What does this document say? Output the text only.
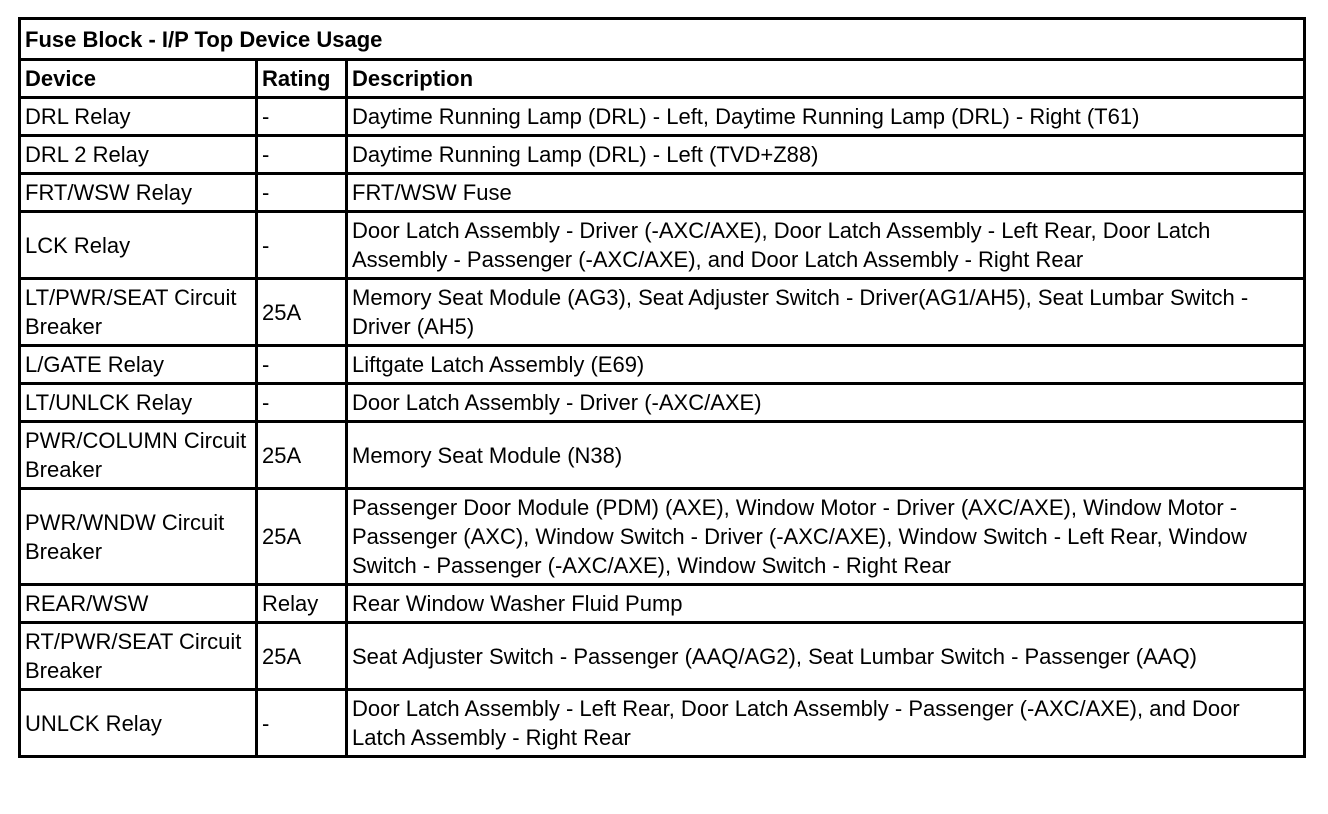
Fuse Block - I/P Top Device Usage		
Device	Rating	Description
DRL Relay	-	Daytime Running Lamp (DRL) - Left, Daytime Running Lamp (DRL) - Right (T61)
DRL 2 Relay	-	Daytime Running Lamp (DRL) - Left (TVD+Z88)
FRT/WSW Relay	-	FRT/WSW Fuse
LCK Relay	-	Door Latch Assembly - Driver (-AXC/AXE), Door Latch Assembly - Left Rear, Door Latch Assembly - Passenger (-AXC/AXE), and Door Latch Assembly - Right Rear
LT/PWR/SEAT Circuit Breaker	25A	Memory Seat Module (AG3), Seat Adjuster Switch - Driver(AG1/AH5), Seat Lumbar Switch - Driver (AH5)
L/GATE Relay	-	Liftgate Latch Assembly (E69)
LT/UNLCK Relay	-	Door Latch Assembly - Driver (-AXC/AXE)
PWR/COLUMN Circuit Breaker	25A	Memory Seat Module (N38)
PWR/WNDW Circuit Breaker	25A	Passenger Door Module (PDM) (AXE), Window Motor - Driver (AXC/AXE), Window Motor - Passenger (AXC), Window Switch - Driver (-AXC/AXE), Window Switch - Left Rear, Window Switch - Passenger (-AXC/AXE), Window Switch - Right Rear
REAR/WSW	Relay	Rear Window Washer Fluid Pump
RT/PWR/SEAT Circuit Breaker	25A	Seat Adjuster Switch - Passenger (AAQ/AG2), Seat Lumbar Switch - Passenger (AAQ)
UNLCK Relay	-	Door Latch Assembly - Left Rear, Door Latch Assembly - Passenger (-AXC/AXE), and Door Latch Assembly - Right Rear
